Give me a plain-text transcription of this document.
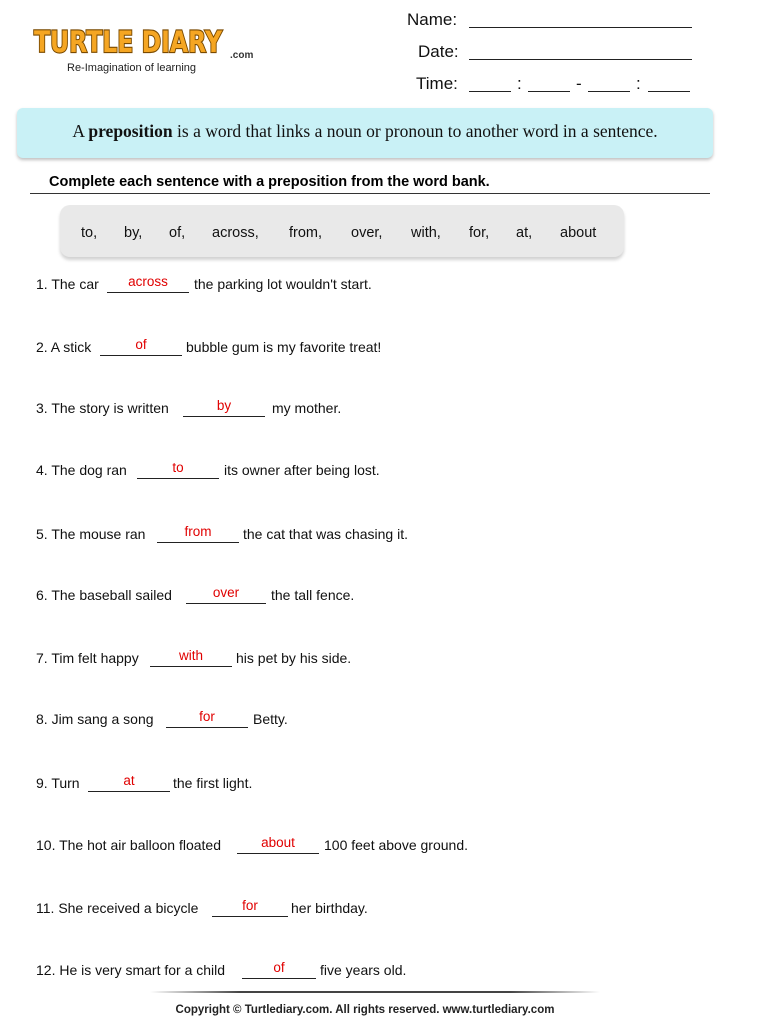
TURTLE DIARY .com
Re-Imagination of learning
Name:
Date:
Time:	:	-	:
A preposition is a word that links a noun or pronoun to another word in a sentence.
Complete each sentence with a preposition from the word bank.
to, by, of, across, from, over, with, for, at, about
1. The car	across	the parking lot wouldn't start.
2. A stick	of	bubble gum is my favorite treat!
3. The story is written	by	my mother.
4. The dog ran	to	its owner after being lost.
5. The mouse ran	from	the cat that was chasing it.
6. The baseball sailed	over	the tall fence.
7. Tim felt happy	with	his pet by his side.
8. Jim sang a song	for	Betty.
9. Turn	at	the first light.
10. The hot air balloon floated	about	100 feet above ground.
11. She received a bicycle	for	her birthday.
12. He is very smart for a child	of	five years old.
Copyright © Turtlediary.com. All rights reserved. www.turtlediary.com
